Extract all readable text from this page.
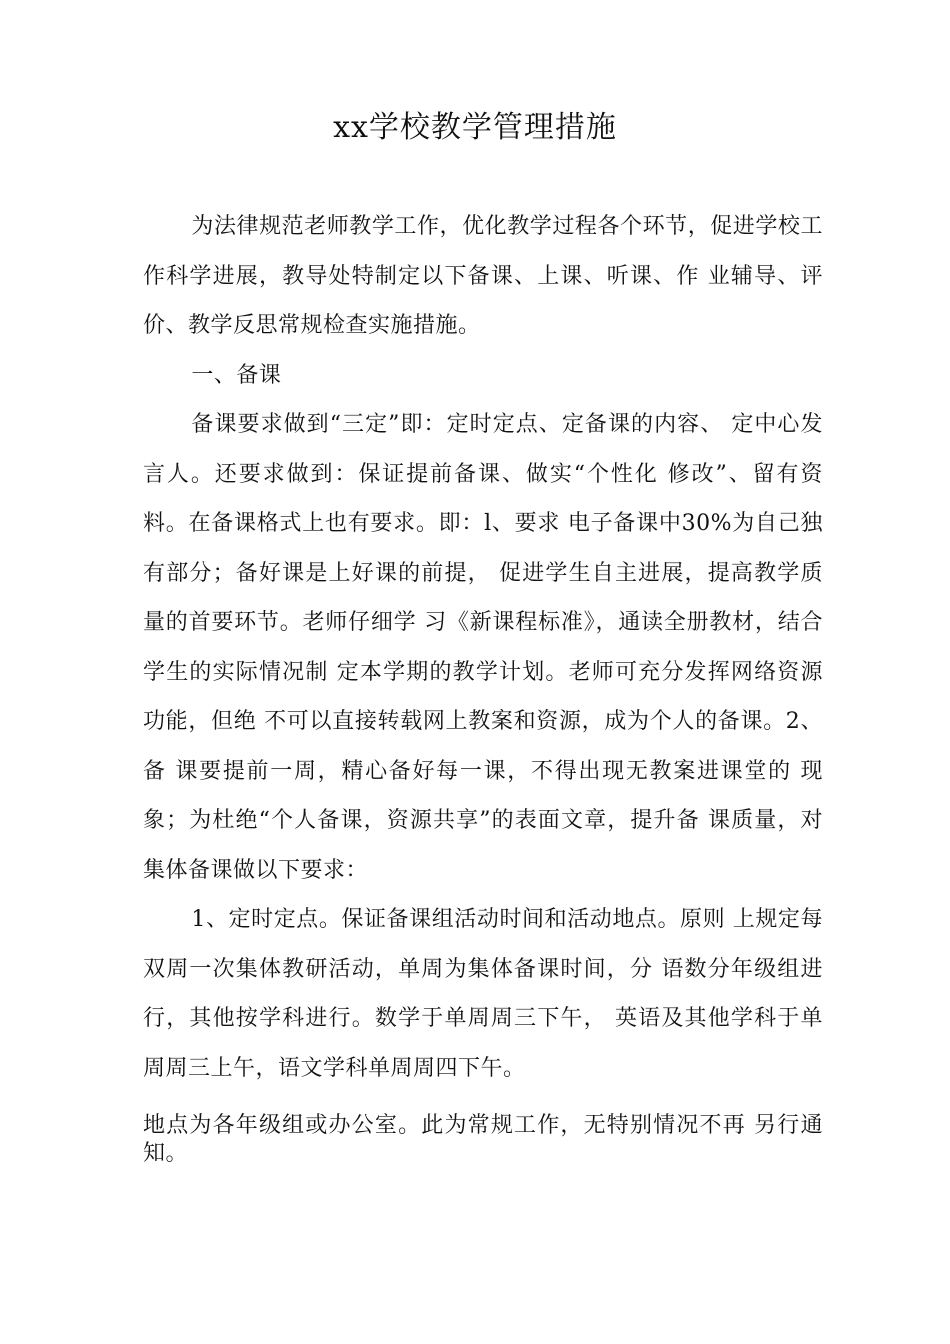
xx学校教学管理措施

为法律规范老师教学工作，优化教学过程各个环节，促进学校工作科学进展，教导处特制定以下备课、上课、听课、作 业辅导、评价、教学反思常规检查实施措施。

一、备课

备课要求做到“三定”即：定时定点、定备课的内容、 定中心发言人。还要求做到：保证提前备课、做实“个性化 修改”、留有资料。在备课格式上也有要求。即：l、要求 电子备课中30%为自己独有部分；备好课是上好课的前提， 促进学生自主进展，提高教学质量的首要环节。老师仔细学 习《新课程标准》，通读全册教材，结合学生的实际情况制 定本学期的教学计划。老师可充分发挥网络资源功能，但绝 不可以直接转载网上教案和资源，成为个人的备课。2、备 课要提前一周，精心备好每一课，不得出现无教案进课堂的 现象；为杜绝“个人备课，资源共享”的表面文章，提升备 课质量，对集体备课做以下要求：

1、定时定点。保证备课组活动时间和活动地点。原则 上规定每双周一次集体教研活动，单周为集体备课时间，分 语数分年级组进行，其他按学科进行。数学于单周周三下午， 英语及其他学科于单周周三上午，语文学科单周周四下午。

地点为各年级组或办公室。此为常规工作，无特别情况不再 另行通知。
